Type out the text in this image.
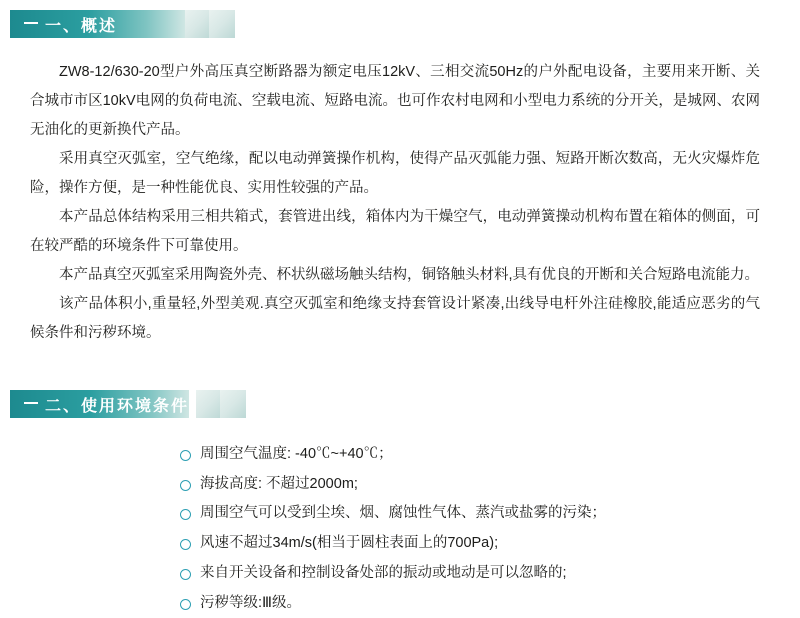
一、概述

ZW8-12/630-20型户外高压真空断路器为额定电压12kV、三相交流50Hz的户外配电设备，主要用来开断、关合城市市区10kV电网的负荷电流、空载电流、短路电流。也可作农村电网和小型电力系统的分开关，是城网、农网无油化的更新换代产品。

采用真空灭弧室，空气绝缘，配以电动弹簧操作机构，使得产品灭弧能力强、短路开断次数高，无火灾爆炸危险，操作方便，是一种性能优良、实用性较强的产品。

本产品总体结构采用三相共箱式，套管进出线，箱体内为干燥空气，电动弹簧操动机构布置在箱体的侧面，可在较严酷的环境条件下可靠使用。

本产品真空灭弧室采用陶瓷外壳、杯状纵磁场触头结构，铜铬触头材料,具有优良的开断和关合短路电流能力。

该产品体积小,重量轻,外型美观.真空灭弧室和绝缘支持套管设计紧凑,出线导电杆外注硅橡胶,能适应恶劣的气候条件和污秽环境。

二、使用环境条件
周围空气温度: -40℃~+40℃；
海拔高度: 不超过2000m;
周围空气可以受到尘埃、烟、腐蚀性气体、蒸汽或盐雾的污染；
风速不超过34m/s(相当于圆柱表面上的700Pa);
来自开关设备和控制设备处部的振动或地动是可以忽略的;
污秽等级:Ⅲ级。
